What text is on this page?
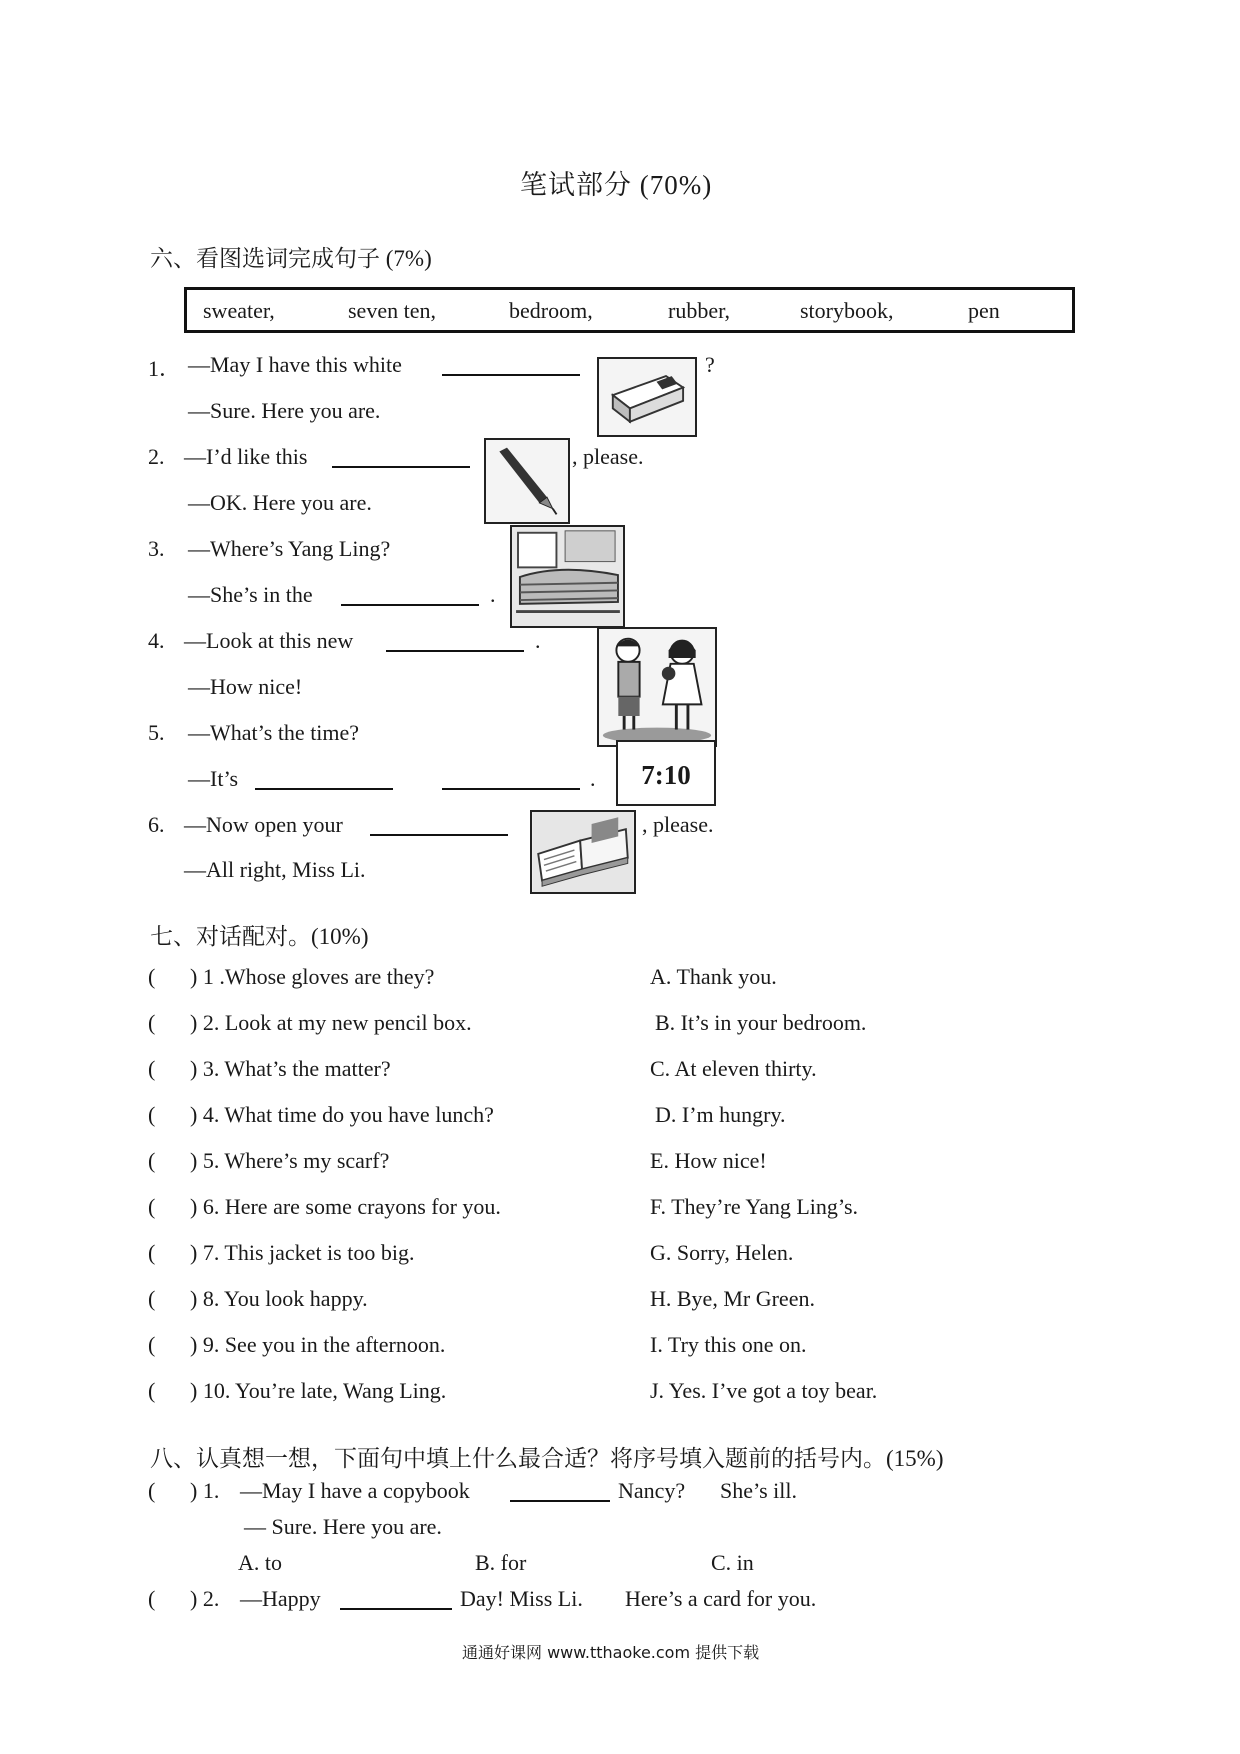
笔试部分 (70%)
六、看图选词完成句子 (7%)
sweater,	seven ten,	bedroom,	rubber,	storybook,	pen
1． —May I have this white	?
—Sure. Here you are.
2. —I’d like this	, please.
—OK. Here you are.
3. —Where’s Yang Ling?
—She’s in the	.
4. —Look at this new	.
—How nice!
5. —What’s the time?
—It’s	.	7:10
6. —Now open your	, please.
—All right, Miss Li.
七、对话配对。(10%)
( ) 1 .Whose gloves are they?	A. Thank you.
( ) 2. Look at my new pencil box.	B. It’s in your bedroom.
( ) 3. What’s the matter?	C. At eleven thirty.
( ) 4. What time do you have lunch?	D. I’m hungry.
( ) 5. Where’s my scarf?	E. How nice!
( ) 6. Here are some crayons for you.	F. They’re Yang Ling’s.
( ) 7. This jacket is too big.	G. Sorry, Helen.
( ) 8. You look happy.	H. Bye, Mr Green.
( ) 9. See you in the afternoon.	I. Try this one on.
( ) 10. You’re late, Wang Ling.	J. Yes. I’ve got a toy bear.
八、认真想一想，下面句中填上什么最合适？将序号填入题前的括号内。(15%)
( ) 1. —May I have a copybook	Nancy? She’s ill.
— Sure. Here you are.
A. to	B. for	C. in
( ) 2. —Happy	Day! Miss Li. Here’s a card for you.
通通好课网 www.tthaoke.com 提供下载
